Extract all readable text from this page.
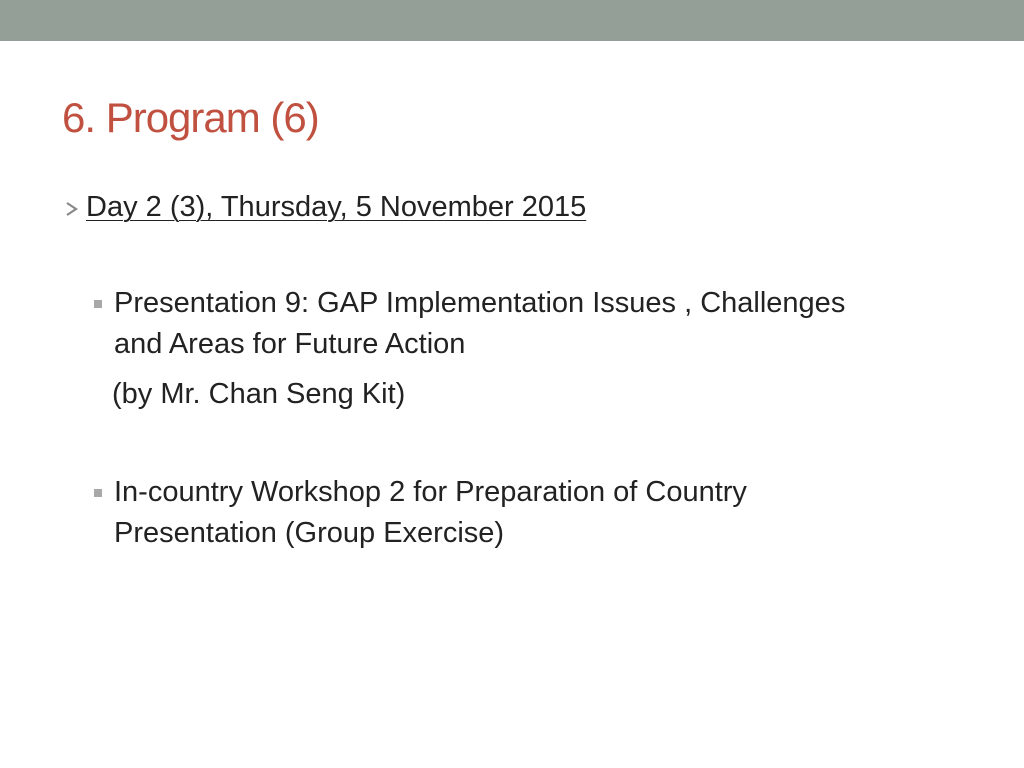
6. Program (6)
Day 2 (3), Thursday, 5 November 2015
Presentation 9: GAP Implementation Issues , Challenges and Areas for Future Action
(by Mr. Chan Seng Kit)
In-country Workshop 2 for Preparation of Country Presentation (Group Exercise)
